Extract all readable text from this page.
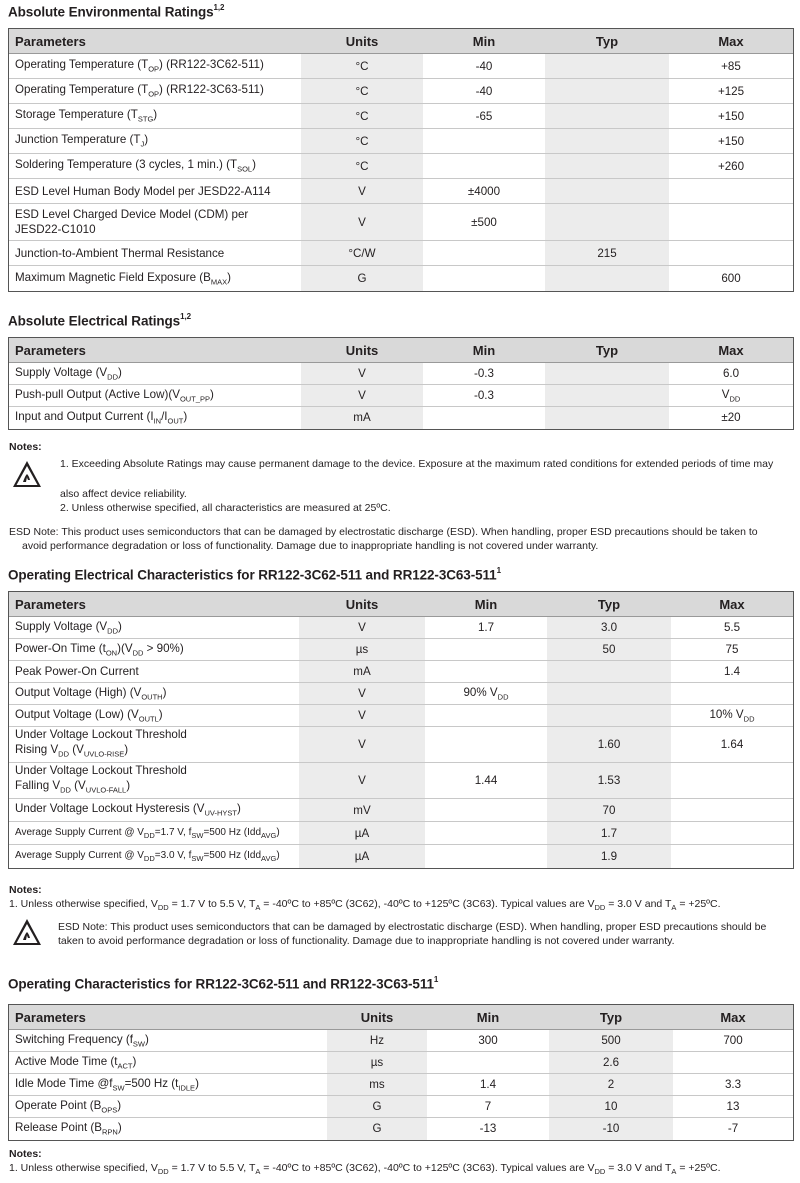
Absolute Environmental Ratings$^{1,2}$
Parameters	Units	Min	Typ	Max
Operating Temperature $(T_{OP})$ (RR122-3C62-511)	°C	-40		+85
Operating Temperature $(T_{OP})$ (RR122-3C63-511)	°C	-40		+125
Storage Temperature $(T_{STG})$	°C	-65		+150
Junction Temperature $(T_J)$	°C			+150
Soldering Temperature (3 cycles, 1 min.) $(T_{SOL})$	°C			+260
ESD Level Human Body Model per JESD22-A114	V	±4000		
ESD Level Charged Device Model (CDM) per JESD22-C1010	V	±500		
Junction-to-Ambient Thermal Resistance	°C/W		215	
Maximum Magnetic Field Exposure $(B_{MAX})$	G			600
Absolute Electrical Ratings$^{1,2}$
Parameters	Units	Min	Typ	Max
Supply Voltage $(V_{DD})$	V	-0.3		6.0
Push-pull Output (Active $Low)(V_{OUT\_PP})$	V	-0.3		$V_{DD}$
Input and Output Current $(I_{IN}/I_{OUT})$	mA			±20
Notes:
1. Exceeding Absolute Ratings may cause permanent damage to the device. Exposure at the maximum rated conditions for extended periods of time may
also affect device reliability.
2. Unless otherwise specified, all characteristics are measured at 25ºC.
ESD Note: This product uses semiconductors that can be damaged by electrostatic discharge (ESD). When handling, proper ESD precautions should be taken to
avoid performance degradation or loss of functionality. Damage due to inappropriate handling is not covered under warranty.
Operating Electrical Characteristics for RR122-3C62-511 and $RR122-3C63-511^1$
Parameters	Units	Min	Typ	Max
Supply Voltage $(V_{DD})$	V	1.7	3.0	5.5
Power-On Time $(t_{ON})(V_{DD} > 90\%)$	µs		50	75
Peak Power-On Current	mA			1.4
Output Voltage (High) $(V_{OUTH})$	V	90% $V_{DD}$		
Output Voltage (Low) $(V_{OUTL})$	V			10% $V_{DD}$

Under Voltage Lockout Threshold
Rising $V_{DD}$ $(V_{UVLO-RISE})$	V		1.60	1.64

Under Voltage Lockout Threshold
Falling $V_{DD}$ $(V_{UVLO-FALL})$	V	1.44	1.53	
Under Voltage Lockout Hysteresis $(V_{UV-HYST})$	mV		70	
Average Supply Current @ $V_{DD}=1.7$ V, $f_{SW}=500$ Hz (Idd$_{AVG}$)	µA		1.7	
Average Supply Current @ $V_{DD}=3.0$ V, $f_{SW}=500$ Hz (Idd$_{AVG}$)	µA		1.9	
Notes:
1. Unless otherwise specified, $V_{DD} = 1.7$ V to 5.5 V, $T_A$ = -40ºC to +85ºC (3C62), -40ºC to +125ºC (3C63). Typical values are $V_{DD} = 3.0$ V and $T_A$ = +25ºC.
ESD Note: This product uses semiconductors that can be damaged by electrostatic discharge (ESD). When handling, proper ESD precautions should be
taken to avoid performance degradation or loss of functionality. Damage due to inappropriate handling is not covered under warranty.
Operating Characteristics for RR122-3C62-511 and $RR122-3C63-511^1$
Parameters	Units	Min	Typ	Max
Switching Frequency $(f_{SW})$	Hz	300	500	700
Active Mode Time $(t_{ACT})$	µs		2.6	
Idle Mode Time $@f_{SW}=500$ Hz $(t_{IDLE})$	ms	1.4	2	3.3
Operate Point $(B_{OPS})$	G	7	10	13
Release Point $(B_{RPN})$	G	-13	-10	-7
Notes:
1. Unless otherwise specified, $V_{DD} = 1.7$ V to 5.5 V, $T_A$ = -40ºC to +85ºC (3C62), -40ºC to +125ºC (3C63). Typical values are $V_{DD} = 3.0$ V and $T_A$ = +25ºC.
